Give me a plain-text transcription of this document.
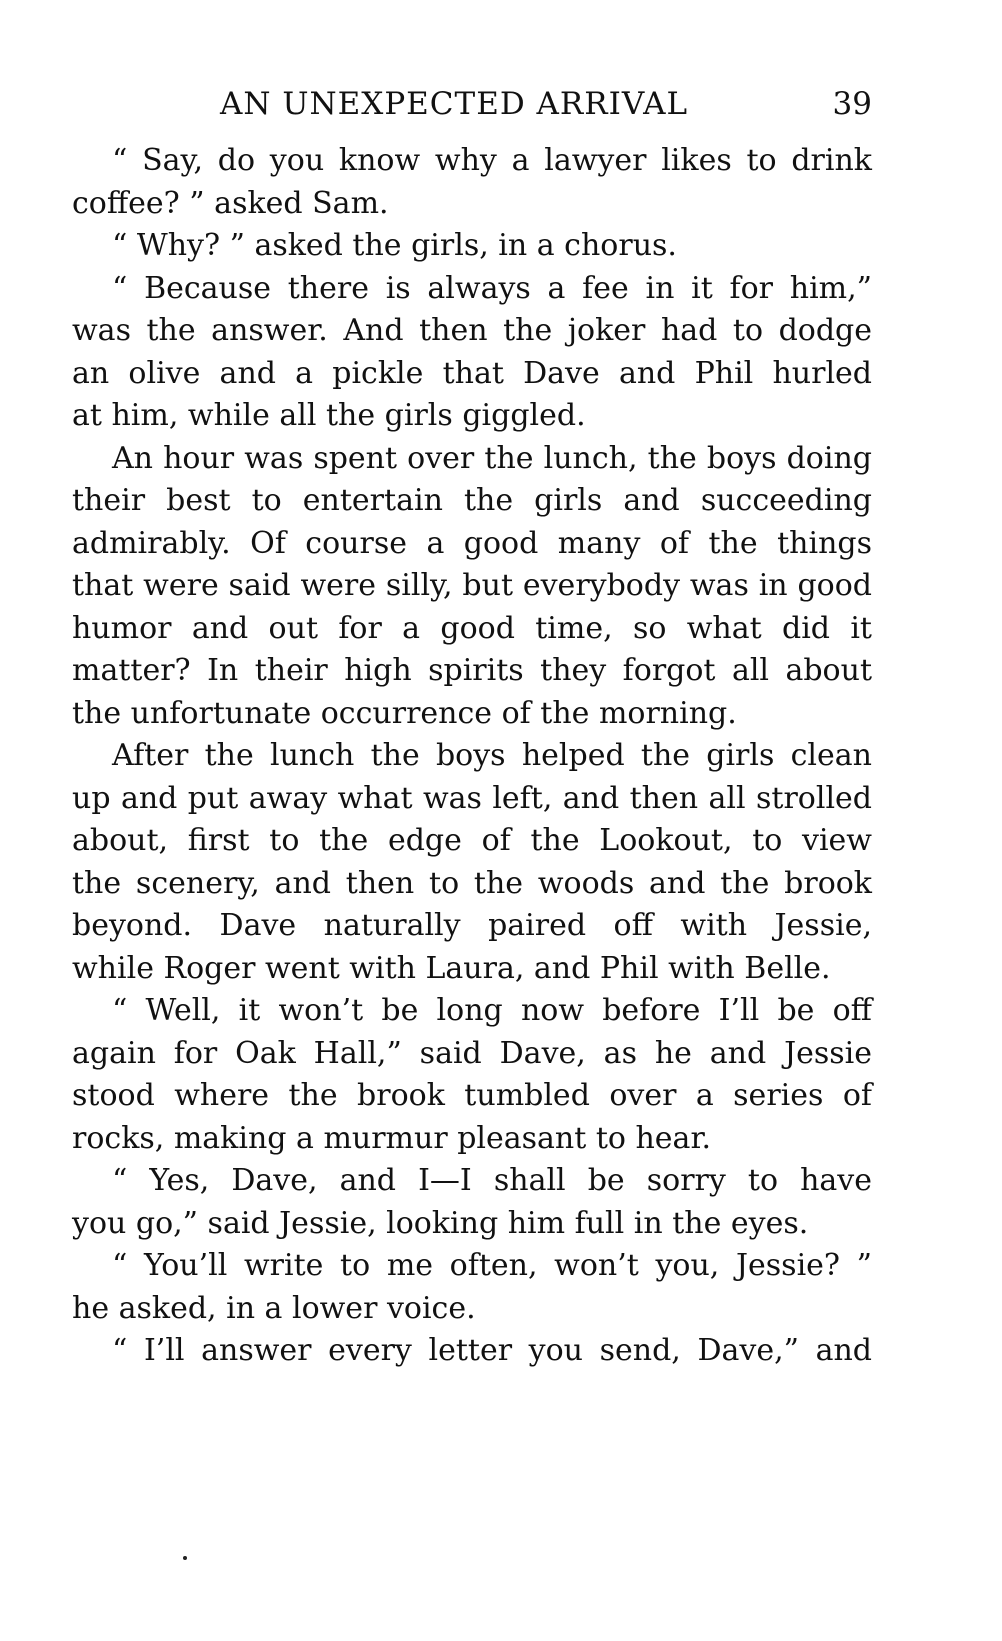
AN UNEXPECTED ARRIVAL	39
“ Say, do you know why a lawyer likes to drink
coffee? ” asked Sam.
“ Why? ” asked the girls, in a chorus.
“ Because there is always a fee in it for him,”
was the answer. And then the joker had to dodge
an olive and a pickle that Dave and Phil hurled
at him, while all the girls giggled.
An hour was spent over the lunch, the boys doing
their best to entertain the girls and succeeding
admirably. Of course a good many of the things
that were said were silly, but everybody was in good
humor and out for a good time, so what did it
matter? In their high spirits they forgot all about
the unfortunate occurrence of the morning.
After the lunch the boys helped the girls clean
up and put away what was left, and then all strolled
about, first to the edge of the Lookout, to view
the scenery, and then to the woods and the brook
beyond. Dave naturally paired off with Jessie,
while Roger went with Laura, and Phil with Belle.
“ Well, it won’t be long now before I’ll be off
again for Oak Hall,” said Dave, as he and Jessie
stood where the brook tumbled over a series of
rocks, making a murmur pleasant to hear.
“ Yes, Dave, and I—I shall be sorry to have
you go,” said Jessie, looking him full in the eyes.
“ You’ll write to me often, won’t you, Jessie? ”
he asked, in a lower voice.
“ I’ll answer every letter you send, Dave,” and
